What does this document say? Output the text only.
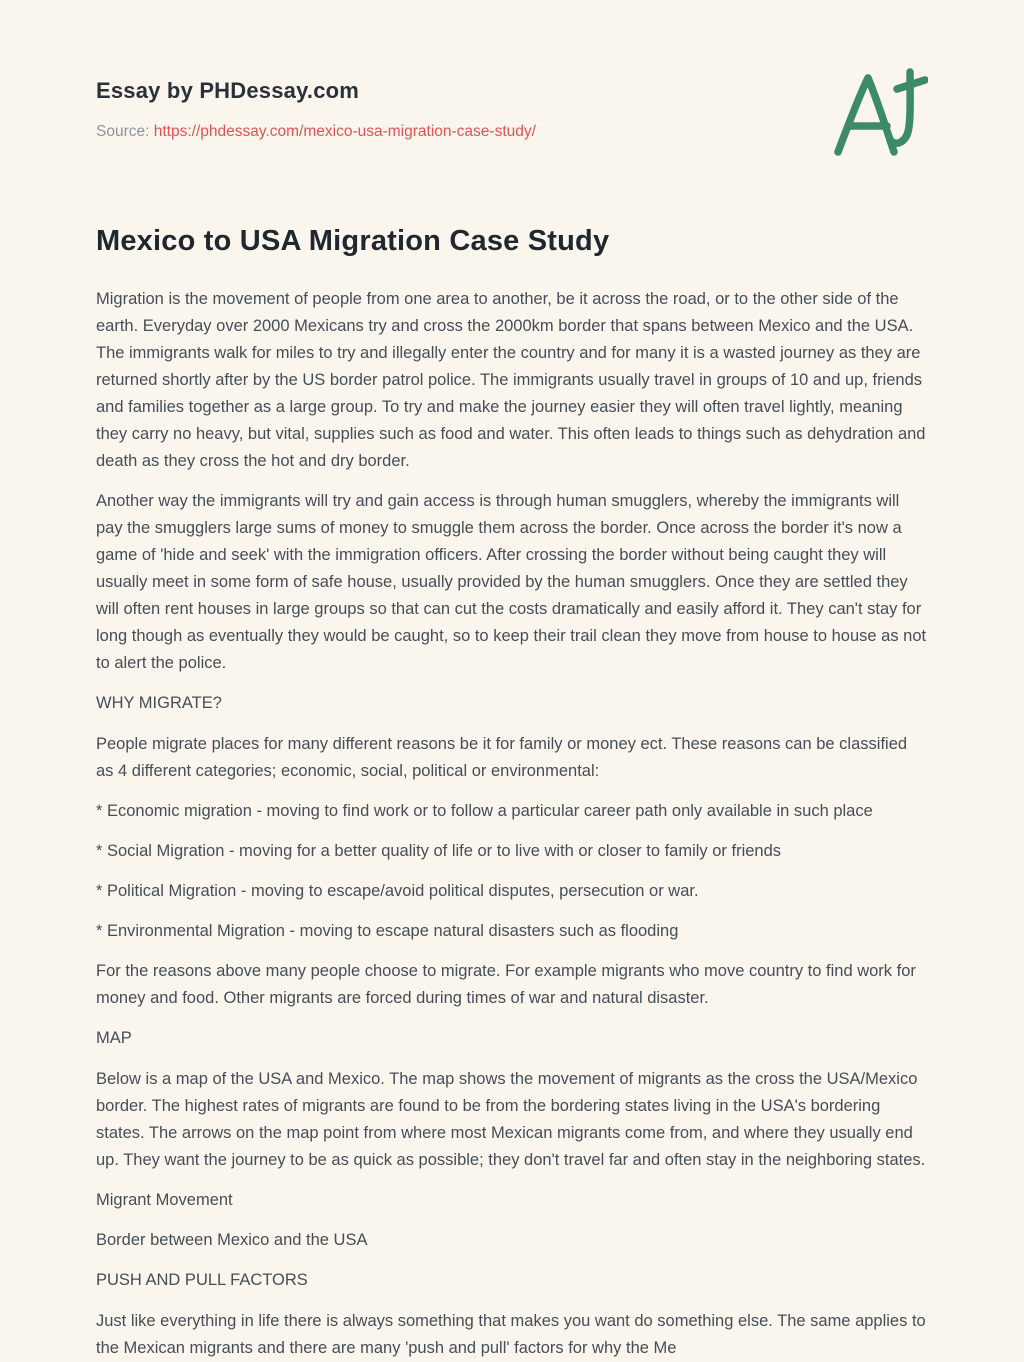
Essay by PHDessay.com
Source: https://phdessay.com/mexico-usa-migration-case-study/
Mexico to USA Migration Case Study

Migration is the movement of people from one area to another, be it across the road, or to the other side of the earth. Everyday over 2000 Mexicans try and cross the 2000km border that spans between Mexico and the USA. The immigrants walk for miles to try and illegally enter the country and for many it is a wasted journey as they are returned shortly after by the US border patrol police. The immigrants usually travel in groups of 10 and up, friends and families together as a large group. To try and make the journey easier they will often travel lightly, meaning they carry no heavy, but vital, supplies such as food and water. This often leads to things such as dehydration and death as they cross the hot and dry border.

Another way the immigrants will try and gain access is through human smugglers, whereby the immigrants will pay the smugglers large sums of money to smuggle them across the border. Once across the border it's now a game of 'hide and seek' with the immigration officers. After crossing the border without being caught they will usually meet in some form of safe house, usually provided by the human smugglers. Once they are settled they will often rent houses in large groups so that can cut the costs dramatically and easily afford it. They can't stay for long though as eventually they would be caught, so to keep their trail clean they move from house to house as not to alert the police.

WHY MIGRATE?

People migrate places for many different reasons be it for family or money ect. These reasons can be classified as 4 different categories; economic, social, political or environmental:

* Economic migration - moving to find work or to follow a particular career path only available in such place

* Social Migration - moving for a better quality of life or to live with or closer to family or friends

* Political Migration - moving to escape/avoid political disputes, persecution or war.

* Environmental Migration - moving to escape natural disasters such as flooding

For the reasons above many people choose to migrate. For example migrants who move country to find work for money and food. Other migrants are forced during times of war and natural disaster.

MAP

Below is a map of the USA and Mexico. The map shows the movement of migrants as the cross the USA/Mexico border. The highest rates of migrants are found to be from the bordering states living in the USA's bordering states. The arrows on the map point from where most Mexican migrants come from, and where they usually end up. They want the journey to be as quick as possible; they don't travel far and often stay in the neighboring states.

Migrant Movement

Border between Mexico and the USA

PUSH AND PULL FACTORS

Just like everything in life there is always something that makes you want do something else. The same applies to the Mexican migrants and there are many 'push and pull' factors for why the Me
